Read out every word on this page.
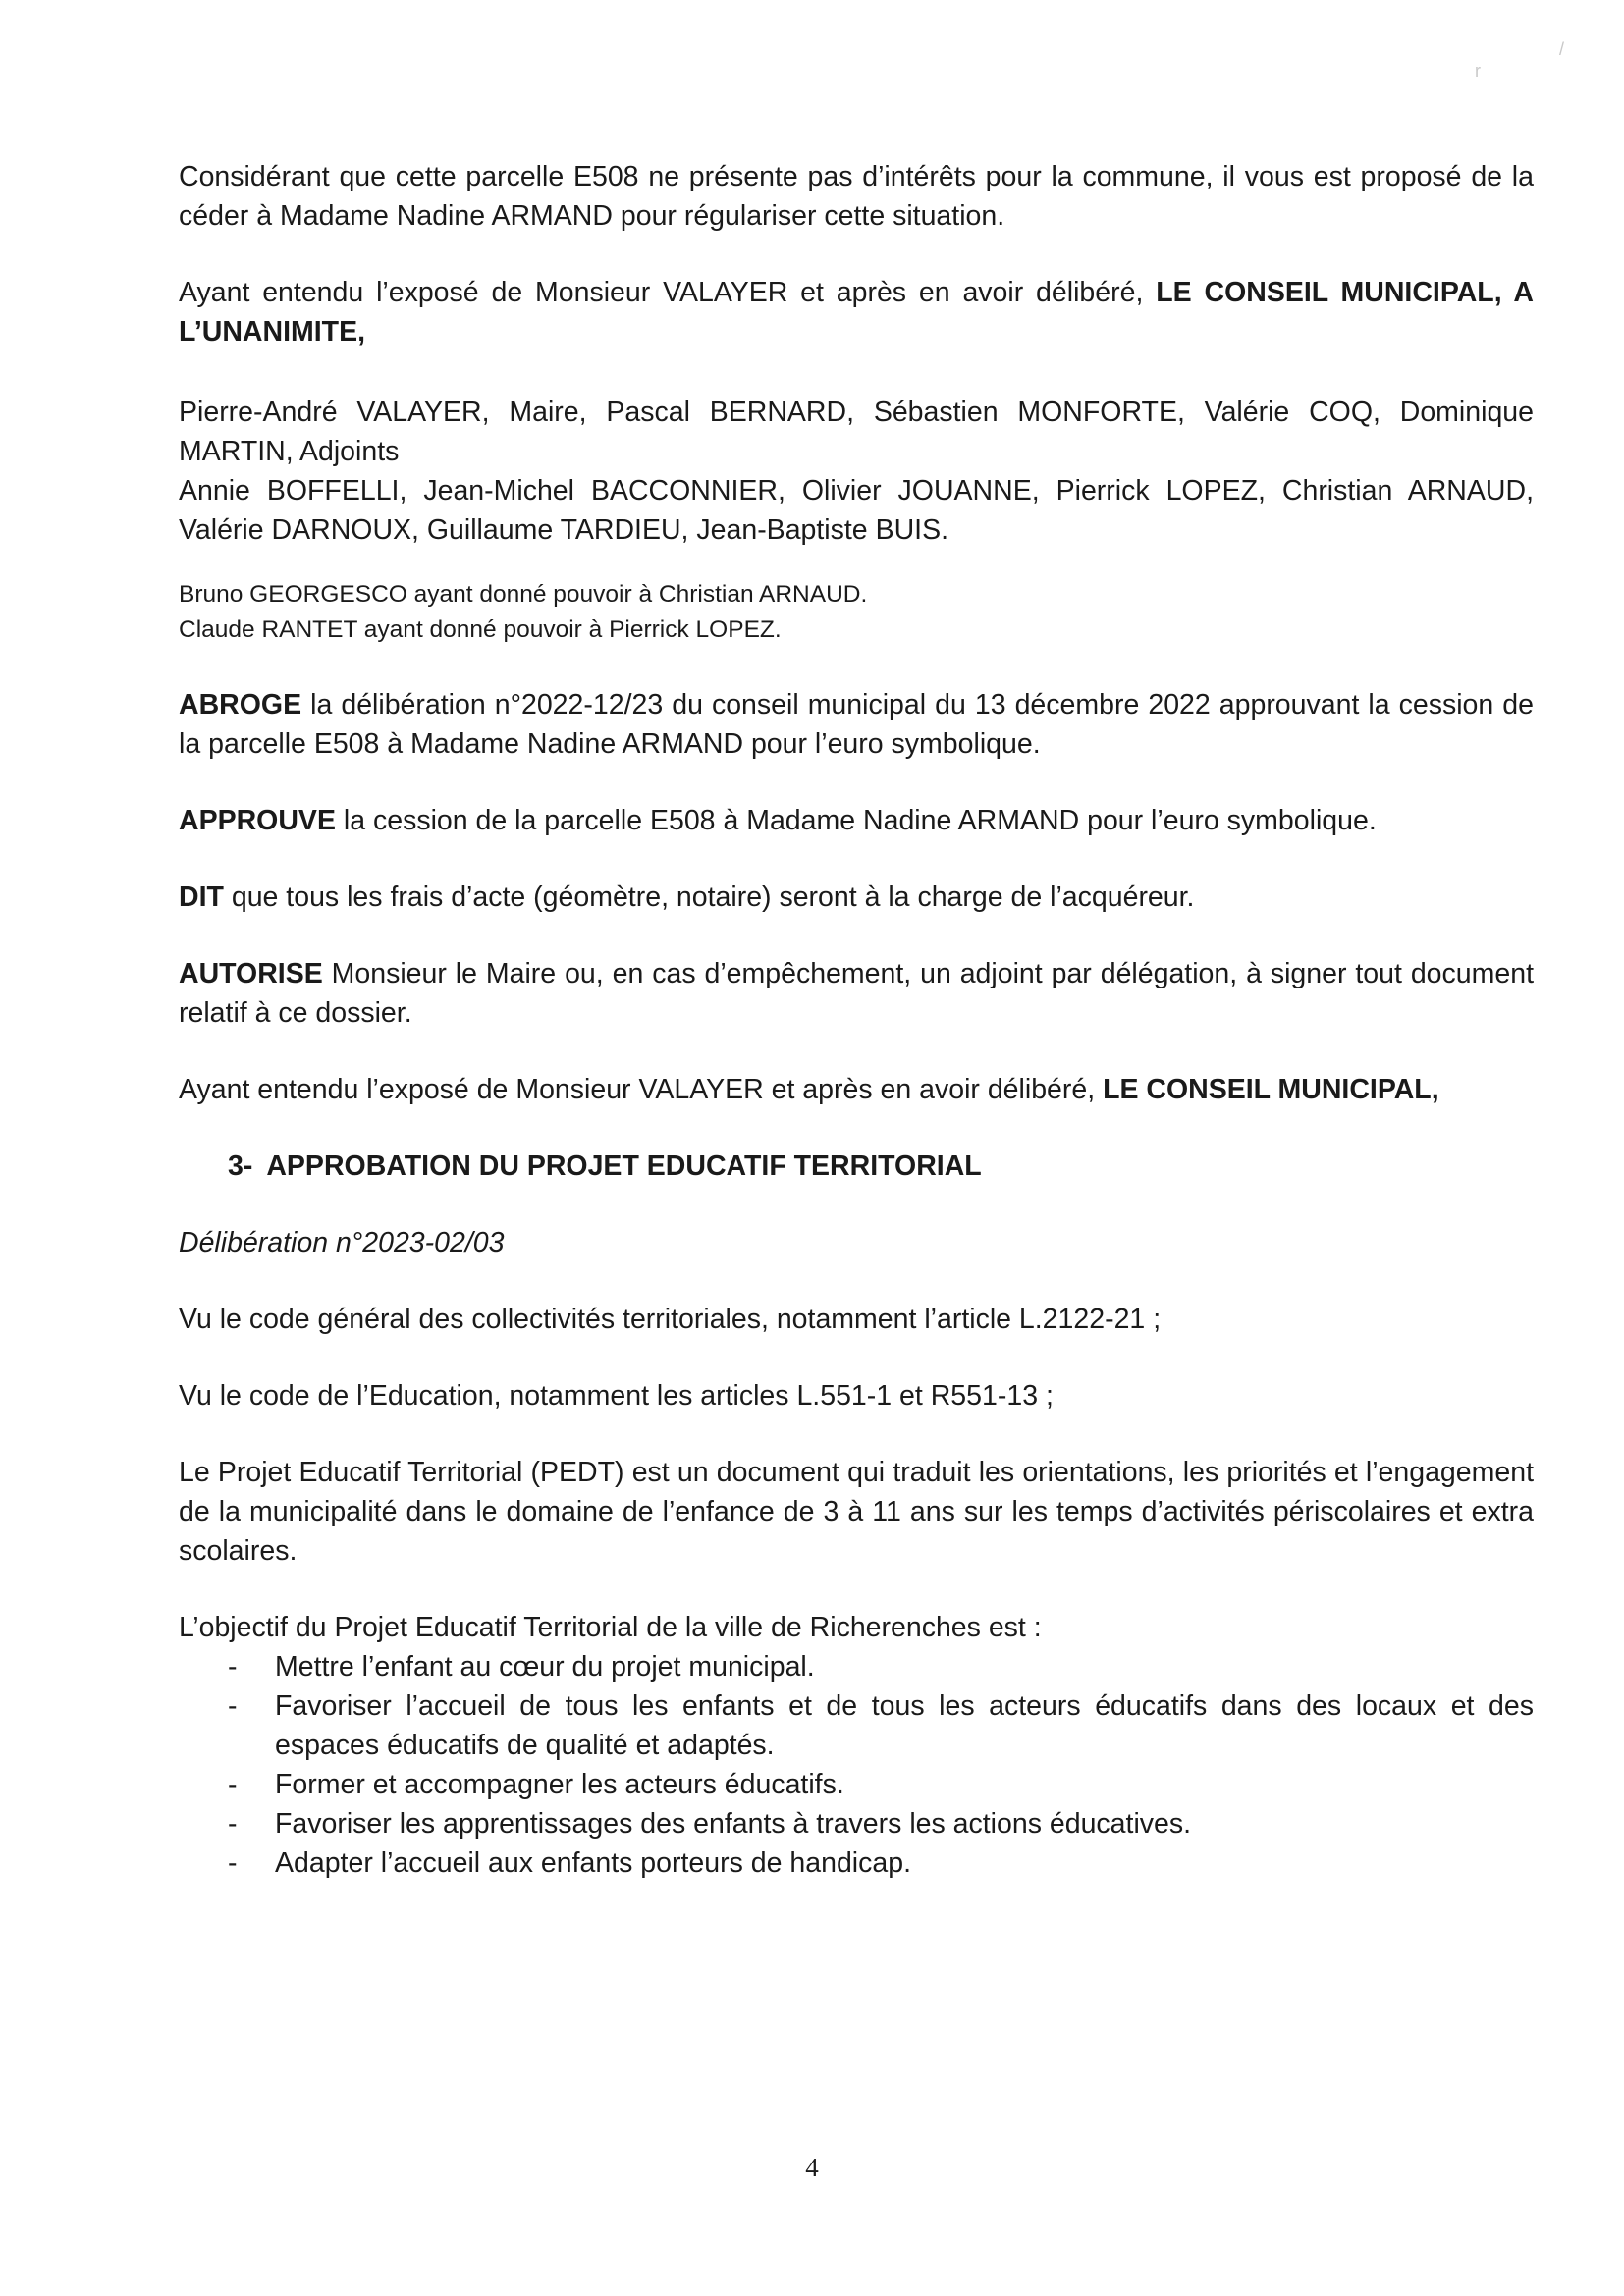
r
/

Considérant que cette parcelle E508 ne présente pas d’intérêts pour la commune, il vous est proposé de la céder à Madame Nadine ARMAND pour régulariser cette situation.

Ayant entendu l’exposé de Monsieur VALAYER et après en avoir délibéré, LE CONSEIL MUNICIPAL, A L’UNANIMITE,

Pierre-André VALAYER, Maire, Pascal BERNARD, Sébastien MONFORTE, Valérie COQ, Dominique MARTIN, Adjoints

Annie BOFFELLI, Jean-Michel BACCONNIER, Olivier JOUANNE, Pierrick LOPEZ, Christian ARNAUD, Valérie DARNOUX, Guillaume TARDIEU, Jean-Baptiste BUIS.

Bruno GEORGESCO ayant donné pouvoir à Christian ARNAUD.

Claude RANTET ayant donné pouvoir à Pierrick LOPEZ.

ABROGE la délibération n°2022-12/23 du conseil municipal du 13 décembre 2022 approuvant la cession de la parcelle E508 à Madame Nadine ARMAND pour l’euro symbolique.

APPROUVE la cession de la parcelle E508 à Madame Nadine ARMAND pour l’euro symbolique.

DIT que tous les frais d’acte (géomètre, notaire) seront à la charge de l’acquéreur.

AUTORISE Monsieur le Maire ou, en cas d’empêchement, un adjoint par délégation, à signer tout document relatif à ce dossier.

Ayant entendu l’exposé de Monsieur VALAYER et après en avoir délibéré, LE CONSEIL MUNICIPAL,

3- APPROBATION DU PROJET EDUCATIF TERRITORIAL

Délibération n°2023-02/03

Vu le code général des collectivités territoriales, notamment l’article L.2122-21 ;

Vu le code de l’Education, notamment les articles L.551-1 et R551-13 ;

Le Projet Educatif Territorial (PEDT) est un document qui traduit les orientations, les priorités et l’engagement de la municipalité dans le domaine de l’enfance de 3 à 11 ans sur les temps d’activités périscolaires et extra scolaires.

L’objectif du Projet Educatif Territorial de la ville de Richerenches est :

- Mettre l’enfant au cœur du projet municipal.
- Favoriser l’accueil de tous les enfants et de tous les acteurs éducatifs dans des locaux et des espaces éducatifs de qualité et adaptés.
- Former et accompagner les acteurs éducatifs.
- Favoriser les apprentissages des enfants à travers les actions éducatives.
- Adapter l’accueil aux enfants porteurs de handicap.
4
